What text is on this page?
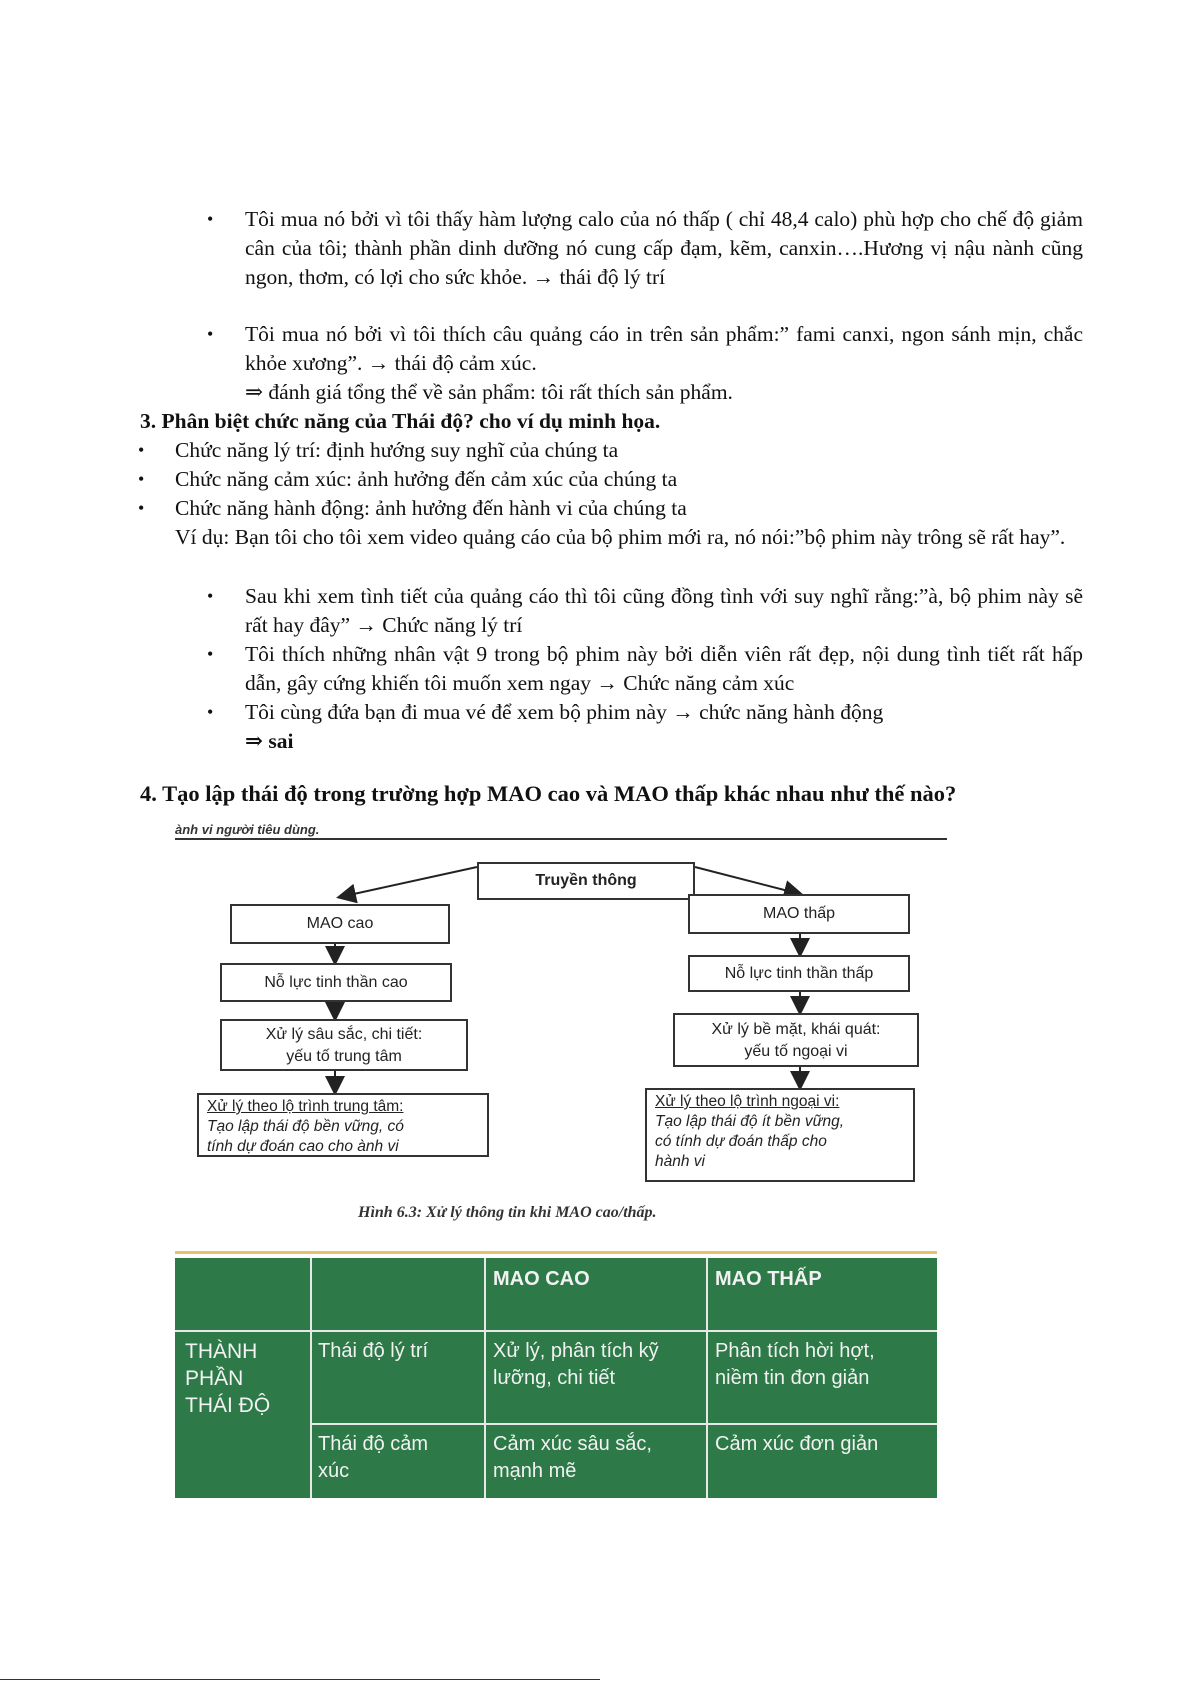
• Tôi mua nó bởi vì tôi thấy hàm lượng calo của nó thấp ( chỉ 48,4 calo) phù hợp cho chế độ giảm cân của tôi; thành phần dinh dưỡng nó cung cấp đạm, kẽm, canxin….Hương vị nậu nành cũng ngon, thơm, có lợi cho sức khỏe. → thái độ lý trí
• Tôi mua nó bởi vì tôi thích câu quảng cáo in trên sản phẩm:” fami canxi, ngon sánh mịn, chắc khỏe xương”. → thái độ cảm xúc.
⇒ đánh giá tổng thể về sản phẩm: tôi rất thích sản phẩm.
3. Phân biệt chức năng của Thái độ? cho ví dụ minh họa.
• Chức năng lý trí: định hướng suy nghĩ của chúng ta
• Chức năng cảm xúc: ảnh hưởng đến cảm xúc của chúng ta
• Chức năng hành động: ảnh hưởng đến hành vi của chúng ta
Ví dụ: Bạn tôi cho tôi xem video quảng cáo của bộ phim mới ra, nó nói:”bộ phim này trông sẽ rất hay”.
• Sau khi xem tình tiết của quảng cáo thì tôi cũng đồng tình với suy nghĩ rằng:”à, bộ phim này sẽ rất hay đây” → Chức năng lý trí
• Tôi thích những nhân vật 9 trong bộ phim này bởi diễn viên rất đẹp, nội dung tình tiết rất hấp dẫn, gây cứng khiến tôi muốn xem ngay → Chức năng cảm xúc
• Tôi cùng đứa bạn đi mua vé để xem bộ phim này → chức năng hành động
⇒ sai
4. Tạo lập thái độ trong trường hợp MAO cao và MAO thấp khác nhau như thế nào?
ành vi người tiêu dùng.
Truyền thông
MAO cao
Nỗ lực tinh thần cao
Xử lý sâu sắc, chi tiết:
yếu tố trung tâm
Xử lý theo lộ trình trung tâm:
Tạo lập thái độ bền vững, có
tính dự đoán cao cho ành vi
MAO thấp
Nỗ lực tinh thần thấp
Xử lý bề mặt, khái quát:
yếu tố ngoại vi
Xử lý theo lộ trình ngoại vi:
Tạo lập thái độ ít bền vững,
có tính dự đoán thấp cho
hành vi
Hình 6.3: Xử lý thông tin khi MAO cao/thấp.
MAO CAO	MAO THẤP
THÀNH
PHẦN
THÁI ĐỘ
Thái độ lý trí	Xử lý, phân tích kỹ
lưỡng, chi tiết
Phân tích hời hợt,
niềm tin đơn giản
Thái độ cảm
xúc
Cảm xúc sâu sắc,
mạnh mẽ
Cảm xúc đơn giản
